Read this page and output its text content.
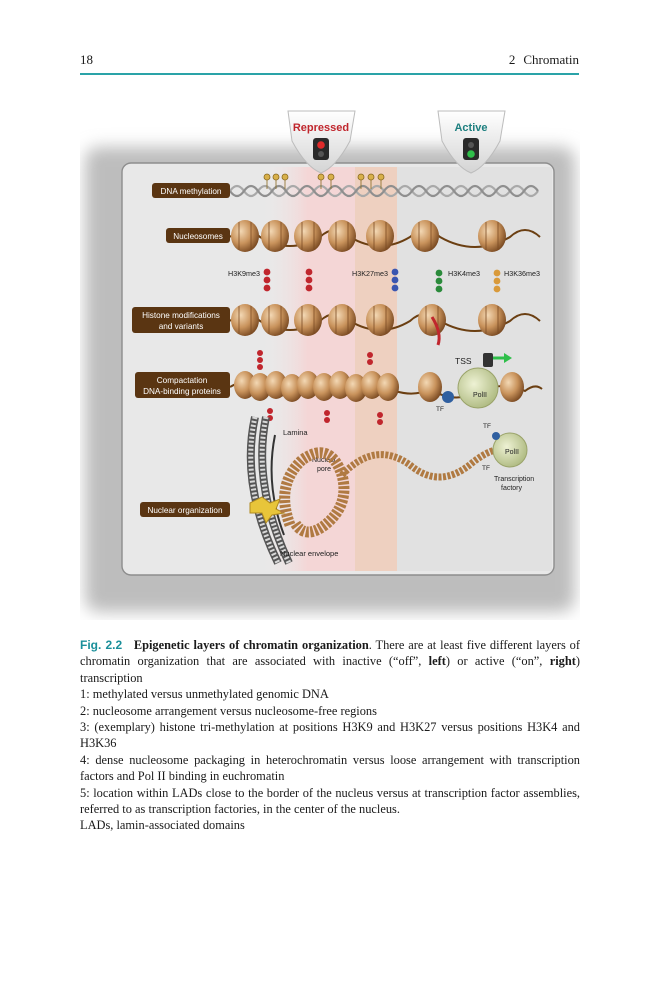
18	2 Chromatin
Repressed	Active
DNA methylation
Nucleosomes
H3K9me3	H3K27me3	H3K4me3	H3K36me3
Histone modifications
and variants
PolII
TSS
TF
Compactation
DNA-binding proteins
Lamina
Nuclear
pore
PolII
TF
TF
Transcription
factory
Nuclear envelope
Nuclear organization

Fig. 2.2 Epigenetic layers of chromatin organization. There are at least five different layers of chromatin organization that are associated with inactive (“off”, left) or active (“on”, right) transcription

1: methylated versus unmethylated genomic DNA

2: nucleosome arrangement versus nucleosome-free regions

3: (exemplary) histone tri-methylation at positions H3K9 and H3K27 versus positions H3K4 and H3K36

4: dense nucleosome packaging in heterochromatin versus loose arrangement with transcription factors and Pol II binding in euchromatin

5: location within LADs close to the border of the nucleus versus at transcription factor assemblies, referred to as transcription factories, in the center of the nucleus.

LADs, lamin-associated domains
